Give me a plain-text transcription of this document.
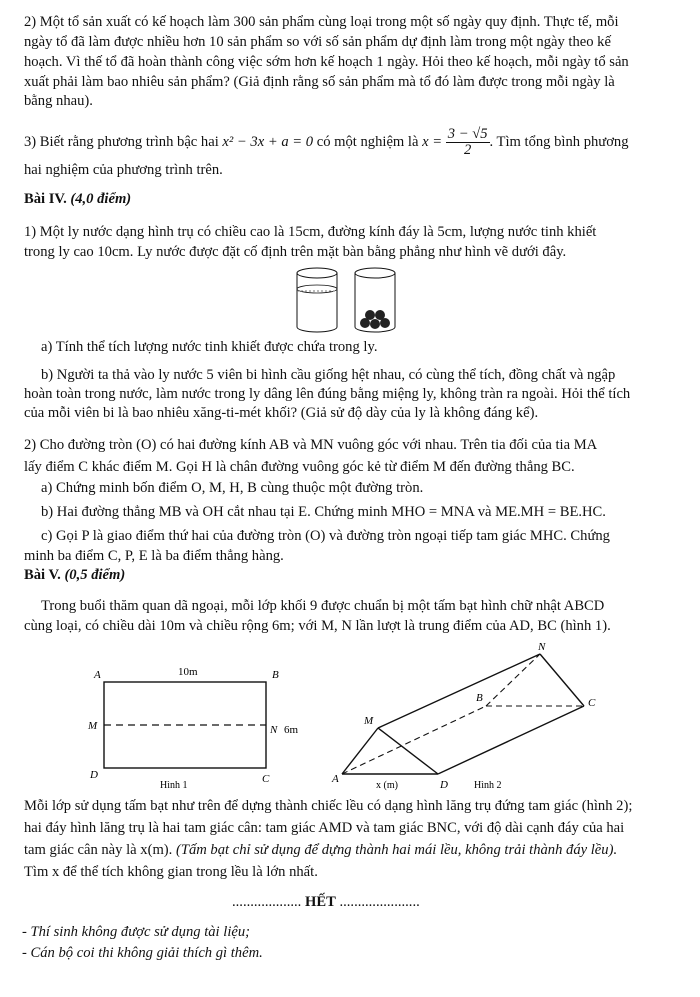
2) Một tổ sản xuất có kế hoạch làm 300 sản phẩm cùng loại trong một số ngày quy định. Thực tế, mỗi
ngày tổ đã làm được nhiều hơn 10 sản phẩm so với số sản phẩm dự định làm trong một ngày theo kế
hoạch. Vì thế tổ đã hoàn thành công việc sớm hơn kế hoạch 1 ngày. Hỏi theo kế hoạch, mỗi ngày tổ sản
xuất phải làm bao nhiêu sản phẩm? (Giả định rằng số sản phẩm mà tổ đó làm được trong mỗi ngày là
bằng nhau).
3) Biết rằng phương trình bậc hai x² − 3x + a = 0 có một nghiệm là $x = \frac{3 - √5}{2}$ . Tìm tổng bình phương
hai nghiệm của phương trình trên.
Bài IV. (4,0 điểm)
1) Một ly nước dạng hình trụ có chiều cao là 15cm, đường kính đáy là 5cm, lượng nước tinh khiết
trong ly cao 10cm. Ly nước được đặt cố định trên mặt bàn bằng phẳng như hình vẽ dưới đây.
a) Tính thể tích lượng nước tinh khiết được chứa trong ly.
b) Người ta thả vào ly nước 5 viên bi hình cầu giống hệt nhau, có cùng thể tích, đồng chất và ngập
hoàn toàn trong nước, làm nước trong ly dâng lên đúng bằng miệng ly, không tràn ra ngoài. Hỏi thể tích
của mỗi viên bi là bao nhiêu xăng-ti-mét khối? (Giả sử độ dày của ly là không đáng kể).
2) Cho đường tròn (O) có hai đường kính AB và MN vuông góc với nhau. Trên tia đối của tia MA
lấy điểm C khác điểm M. Gọi H là chân đường vuông góc kẻ từ điểm M đến đường thẳng BC.
a) Chứng minh bốn điểm O, M, H, B cùng thuộc một đường tròn.
b) Hai đường thẳng MB và OH cắt nhau tại E. Chứng minh MHO = MNA và ME.MH = BE.HC.
c) Gọi P là giao điểm thứ hai của đường tròn (O) và đường tròn ngoại tiếp tam giác MHC. Chứng
minh ba điểm C, P, E là ba điểm thẳng hàng.
Bài V. (0,5 điểm)
Trong buổi thăm quan dã ngoại, mỗi lớp khối 9 được chuẩn bị một tấm bạt hình chữ nhật ABCD
cùng loại, có chiều dài 10m và chiều rộng 6m; với M, N lần lượt là trung điểm của AD, BC (hình 1).
A	B
D	C
M	N
10m
6m
Hình 1
A	D
M
N
B	C
x (m)	Hình 2
Mỗi lớp sử dụng tấm bạt như trên để dựng thành chiếc lều có dạng hình lăng trụ đứng tam giác (hình 2);
hai đáy hình lăng trụ là hai tam giác cân: tam giác AMD và tam giác BNC, với độ dài cạnh đáy của hai
tam giác cân này là x(m). (Tấm bạt chỉ sử dụng để dựng thành hai mái lều, không trải thành đáy lều).
Tìm x để thể tích không gian trong lều là lớn nhất.
................... HẾT ......................
- Thí sinh không được sử dụng tài liệu;
- Cán bộ coi thi không giải thích gì thêm.
